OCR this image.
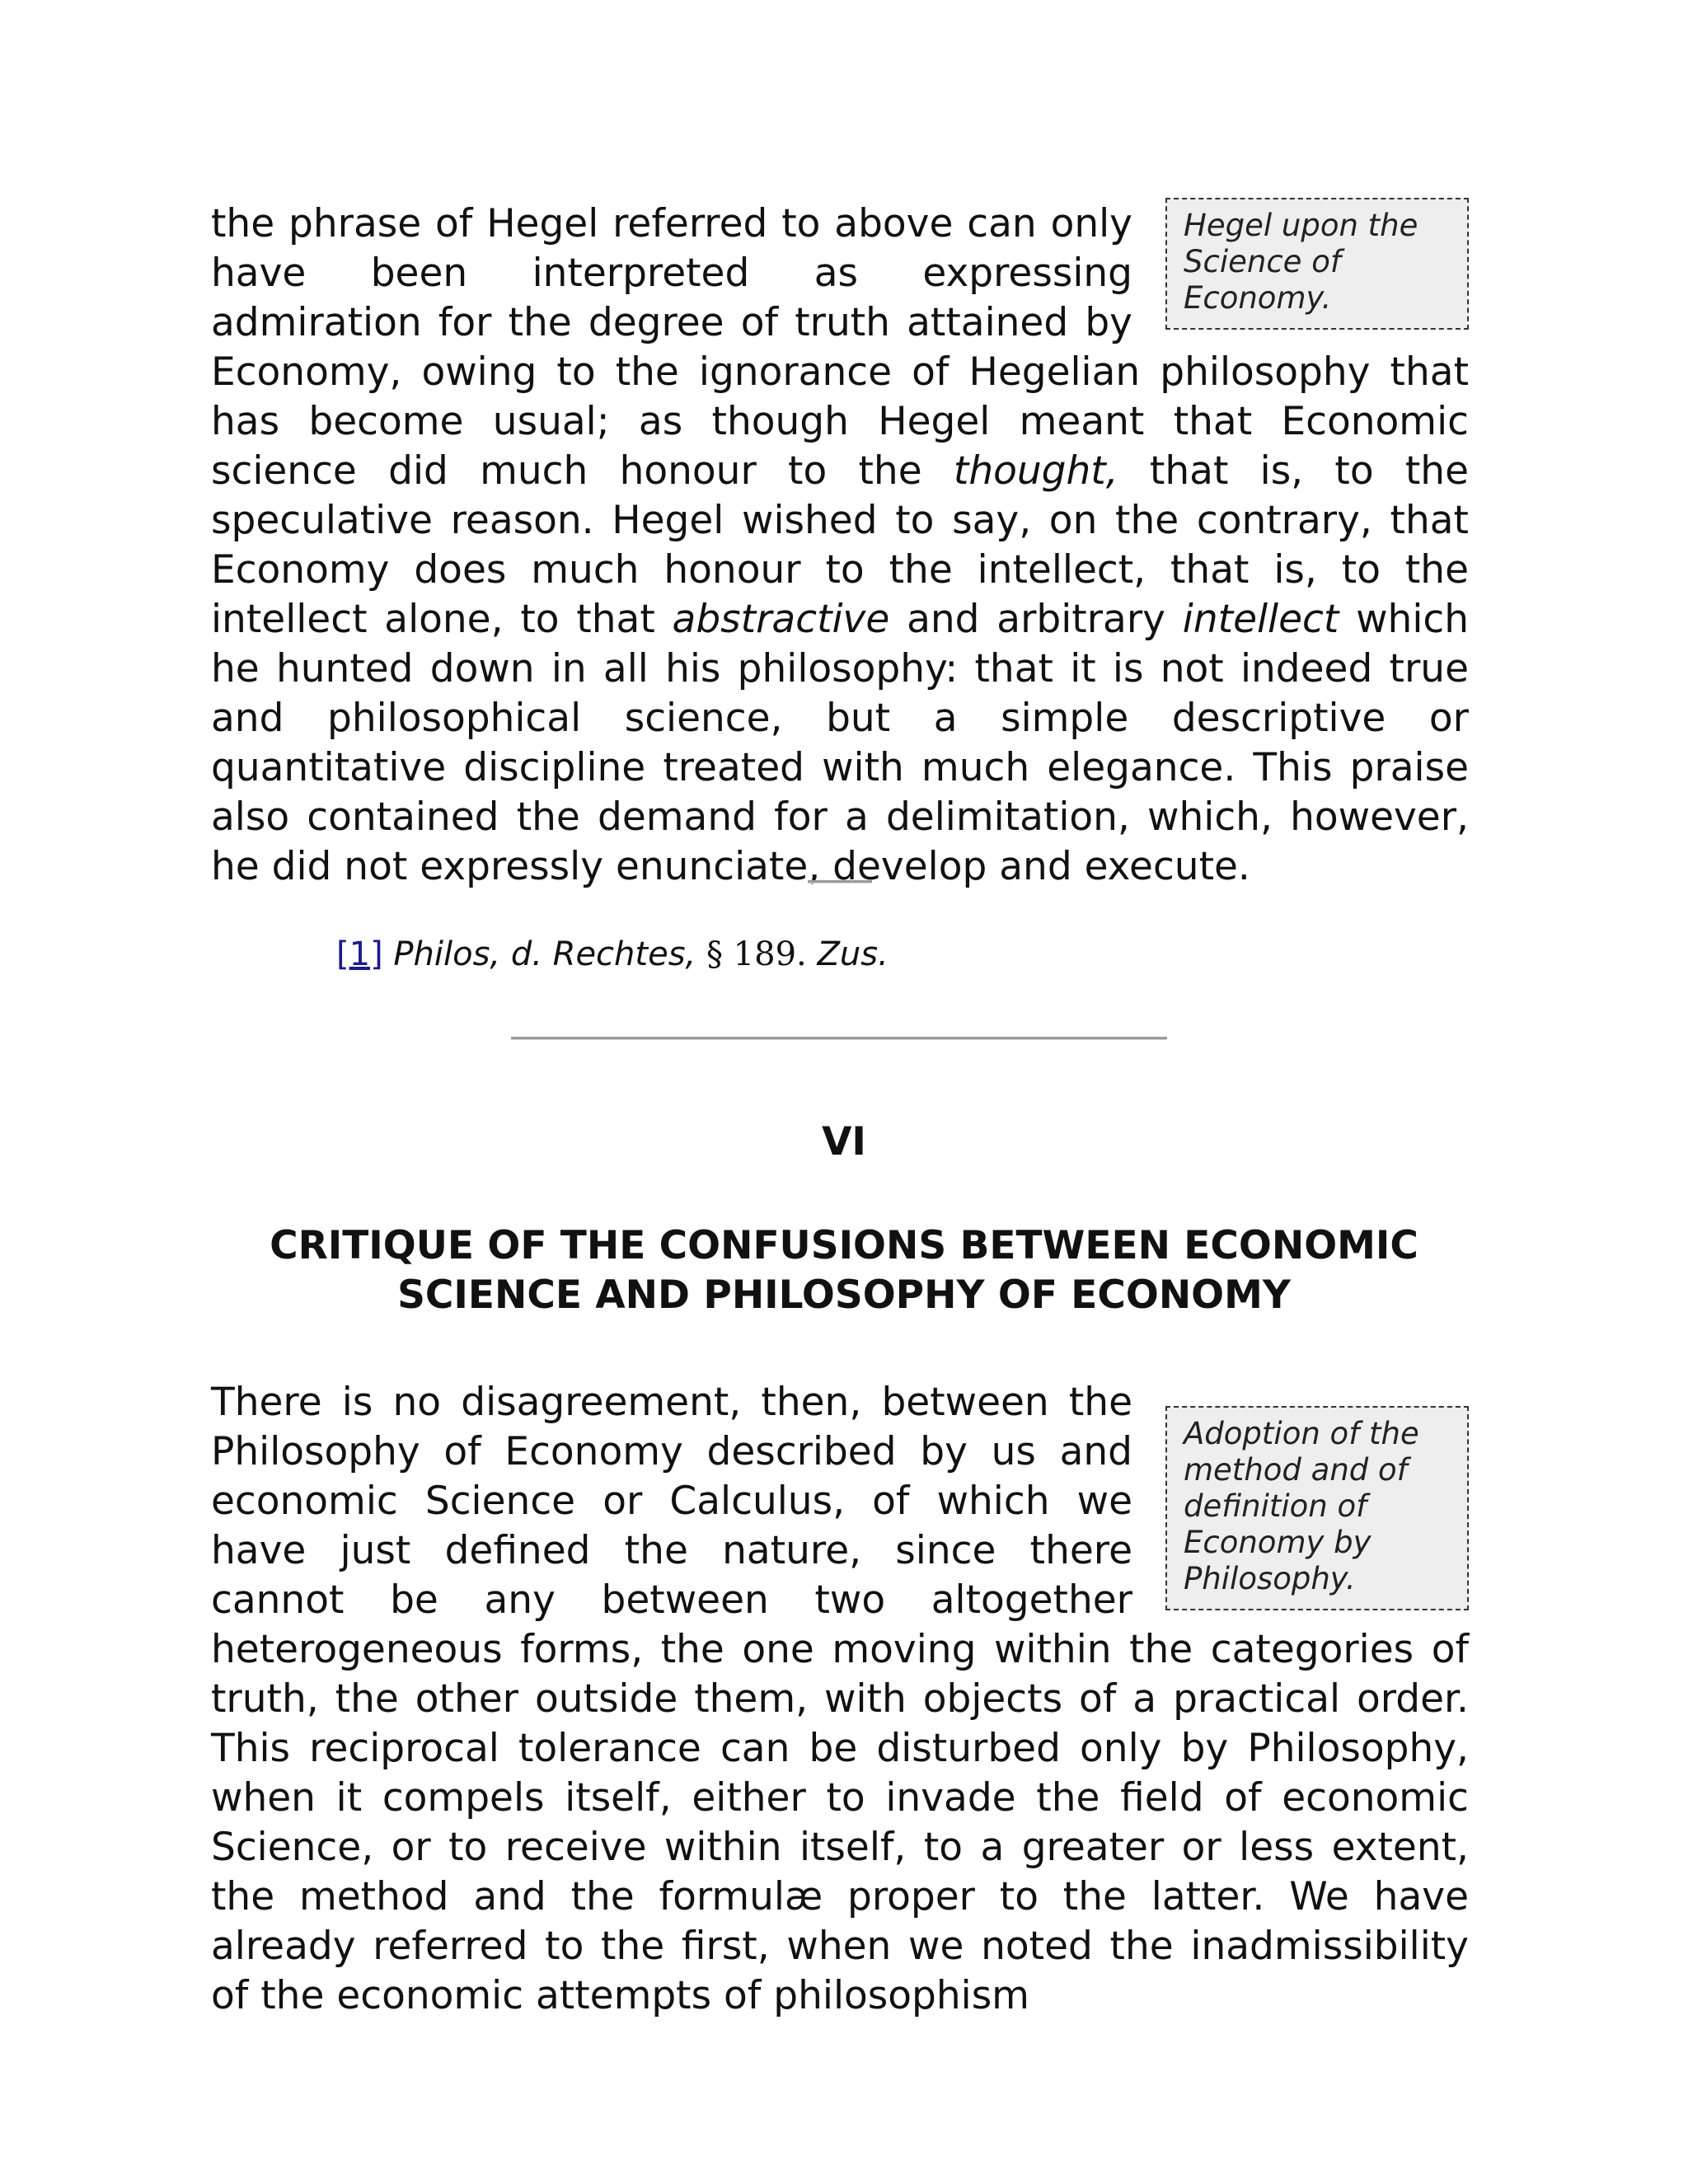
Hegel upon the Science of Economy.
the phrase of Hegel referred to above can only have been interpreted as expressing admiration for the degree of truth attained by Economy, owing to the ignorance of Hegelian philosophy that has become usual; as though Hegel meant that Economic science did much honour to the thought, that is, to the speculative reason. Hegel wished to say, on the contrary, that Economy does much honour to the intellect, that is, to the intellect alone, to that abstractive and arbitrary intellect which he hunted down in all his philosophy: that it is not indeed true and philosophical science, but a simple descriptive or quantitative discipline treated with much elegance. This praise also contained the demand for a delimitation, which, however, he did not expressly enunciate, develop and execute.

[1] Philos, d. Rechtes, § 189. Zus.
VI
CRITIQUE OF THE CONFUSIONS BETWEEN ECONOMIC
SCIENCE AND PHILOSOPHY OF ECONOMY

Adoption of the method and of definition of Economy by Philosophy.
There is no disagreement, then, between the Philosophy of Economy described by us and economic Science or Calculus, of which we have just defined the nature, since there cannot be any between two altogether heterogeneous forms, the one moving within the categories of truth, the other outside them, with objects of a practical order. This reciprocal tolerance can be disturbed only by Philosophy, when it compels itself, either to invade the field of economic Science, or to receive within itself, to a greater or less extent, the method and the formulæ proper to the latter. We have already referred to the first, when we noted the inadmissibility of the economic attempts of philosophism
